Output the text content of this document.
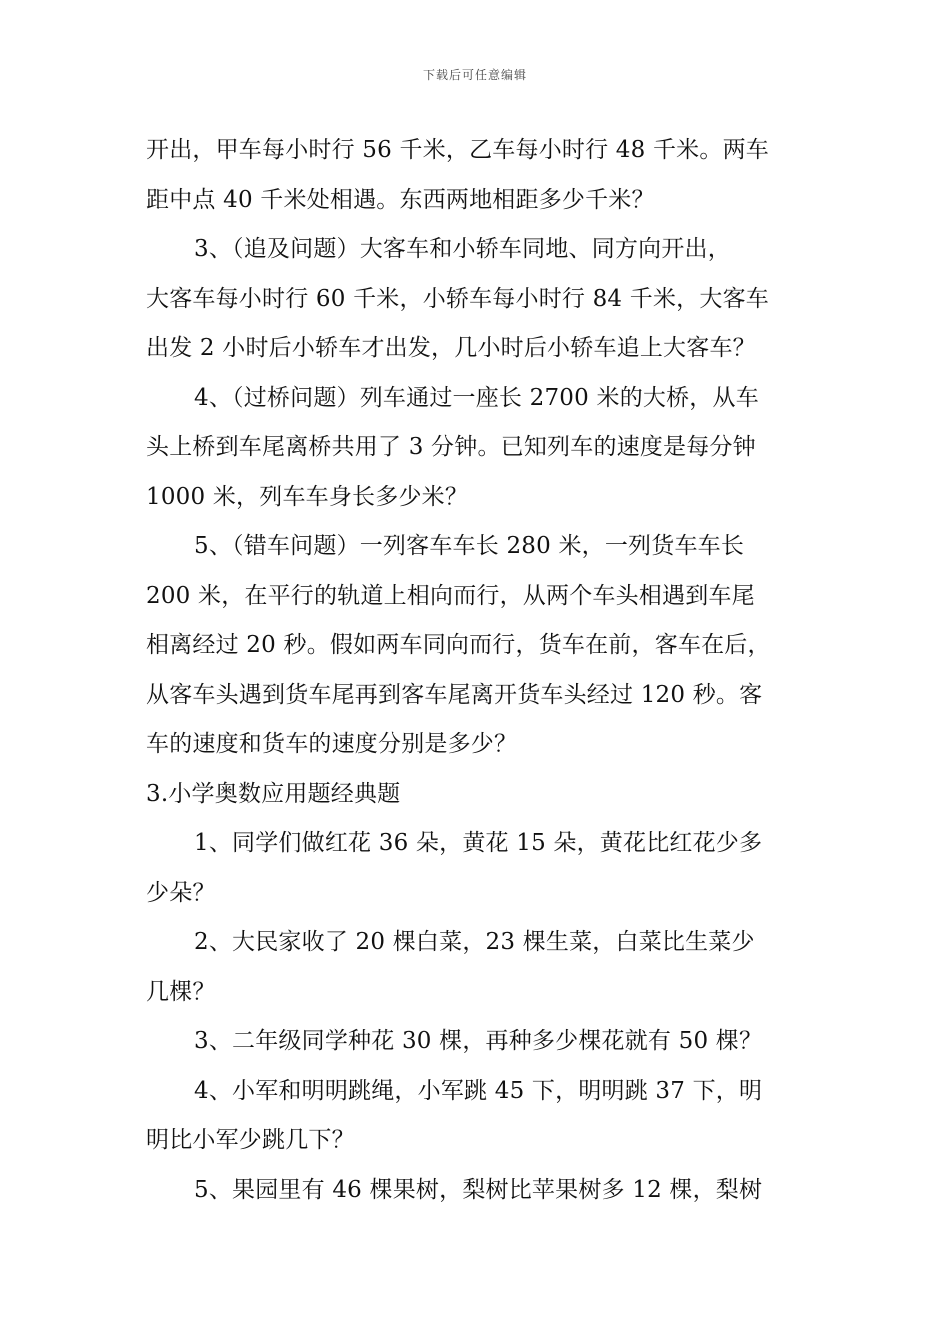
下载后可任意编辑

开出，甲车每小时行 56 千米，乙车每小时行 48 千米。两车

距中点 40 千米处相遇。东西两地相距多少千米？

3、（追及问题）大客车和小轿车同地、同方向开出，

大客车每小时行 60 千米，小轿车每小时行 84 千米，大客车

出发 2 小时后小轿车才出发，几小时后小轿车追上大客车？

4、（过桥问题）列车通过一座长 2700 米的大桥，从车

头上桥到车尾离桥共用了 3 分钟。已知列车的速度是每分钟

1000 米，列车车身长多少米？

5、（错车问题）一列客车车长 280 米，一列货车车长

200 米，在平行的轨道上相向而行，从两个车头相遇到车尾

相离经过 20 秒。假如两车同向而行，货车在前，客车在后，

从客车头遇到货车尾再到客车尾离开货车头经过 120 秒。客

车的速度和货车的速度分别是多少？

3.小学奥数应用题经典题

1、同学们做红花 36 朵，黄花 15 朵，黄花比红花少多

少朵？

2、大民家收了 20 棵白菜，23 棵生菜，白菜比生菜少

几棵？

3、二年级同学种花 30 棵，再种多少棵花就有 50 棵？

4、小军和明明跳绳，小军跳 45 下，明明跳 37 下，明

明比小军少跳几下？

5、果园里有 46 棵果树，梨树比苹果树多 12 棵，梨树
